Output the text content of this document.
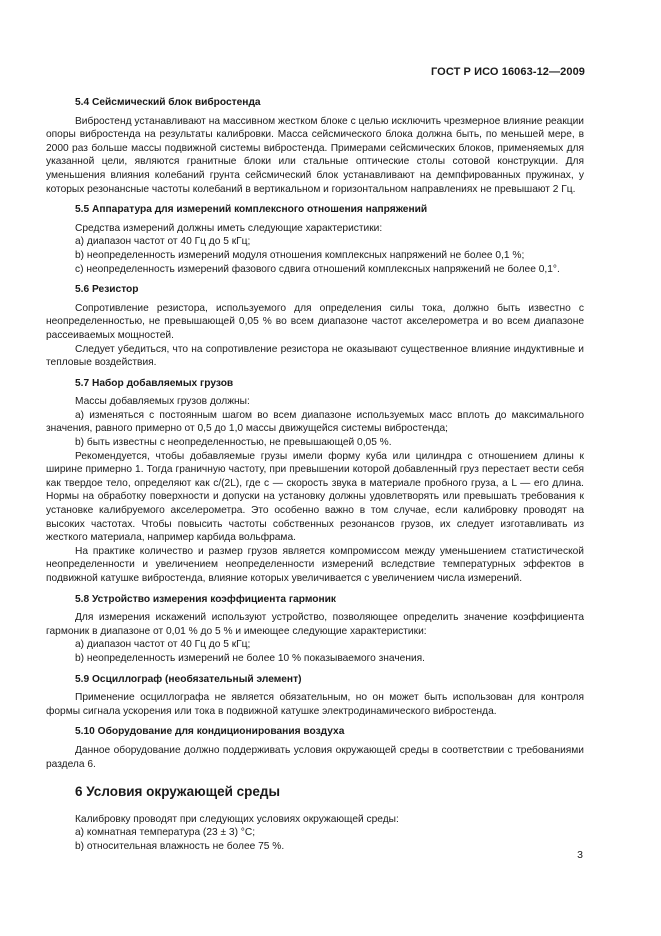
ГОСТ Р ИСО 16063-12—2009

5.4 Сейсмический блок вибростенда

Вибростенд устанавливают на массивном жестком блоке с целью исключить чрезмерное влияние реакции опоры вибростенда на результаты калибровки. Масса сейсмического блока должна быть, по меньшей мере, в 2000 раз больше массы подвижной системы вибростенда. Примерами сейсмических блоков, применяемых для указанной цели, являются гранитные блоки или стальные оптические столы сотовой конструкции. Для уменьшения влияния колебаний грунта сейсмический блок устанавливают на демпфированных пружинах, у которых резонансные частоты колебаний в вертикальном и горизонтальном направлениях не превышают 2 Гц.

5.5 Аппаратура для измерений комплексного отношения напряжений

Средства измерений должны иметь следующие характеристики:

a) диапазон частот от 40 Гц до 5 кГц;

b) неопределенность измерений модуля отношения комплексных напряжений не более 0,1 %;

c) неопределенность измерений фазового сдвига отношений комплексных напряжений не более 0,1°.

5.6 Резистор

Сопротивление резистора, используемого для определения силы тока, должно быть известно с неопределенностью, не превышающей 0,05 % во всем диапазоне частот акселерометра и во всем диапазоне рассеиваемых мощностей.

Следует убедиться, что на сопротивление резистора не оказывают существенное влияние индуктивные и тепловые воздействия.

5.7 Набор добавляемых грузов

Массы добавляемых грузов должны:

a) изменяться с постоянным шагом во всем диапазоне используемых масс вплоть до максимального значения, равного примерно от 0,5 до 1,0 массы движущейся системы вибростенда;

b) быть известны с неопределенностью, не превышающей 0,05 %.

Рекомендуется, чтобы добавляемые грузы имели форму куба или цилиндра с отношением длины к ширине примерно 1. Тогда граничную частоту, при превышении которой добавленный груз перестает вести себя как твердое тело, определяют как c/(2L), где c — скорость звука в материале пробного груза, а L — его длина. Нормы на обработку поверхности и допуски на установку должны удовлетворять или превышать требования к установке калибруемого акселерометра. Это особенно важно в том случае, если калибровку проводят на высоких частотах. Чтобы повысить частоты собственных резонансов грузов, их следует изготавливать из жесткого материала, например карбида вольфрама.

На практике количество и размер грузов является компромиссом между уменьшением статистической неопределенности и увеличением неопределенности измерений вследствие температурных эффектов в подвижной катушке вибростенда, влияние которых увеличивается с увеличением числа измерений.

5.8 Устройство измерения коэффициента гармоник

Для измерения искажений используют устройство, позволяющее определить значение коэффициента гармоник в диапазоне от 0,01 % до 5 % и имеющее следующие характеристики:

a) диапазон частот от 40 Гц до 5 кГц;

b) неопределенность измерений не более 10 % показываемого значения.

5.9 Осциллограф (необязательный элемент)

Применение осциллографа не является обязательным, но он может быть использован для контроля формы сигнала ускорения или тока в подвижной катушке электродинамического вибростенда.

5.10 Оборудование для кондиционирования воздуха

Данное оборудование должно поддерживать условия окружающей среды в соответствии с требованиями раздела 6.

6 Условия окружающей среды

Калибровку проводят при следующих условиях окружающей среды:

a) комнатная температура (23 ± 3) °С;

b) относительная влажность не более 75 %.

3
